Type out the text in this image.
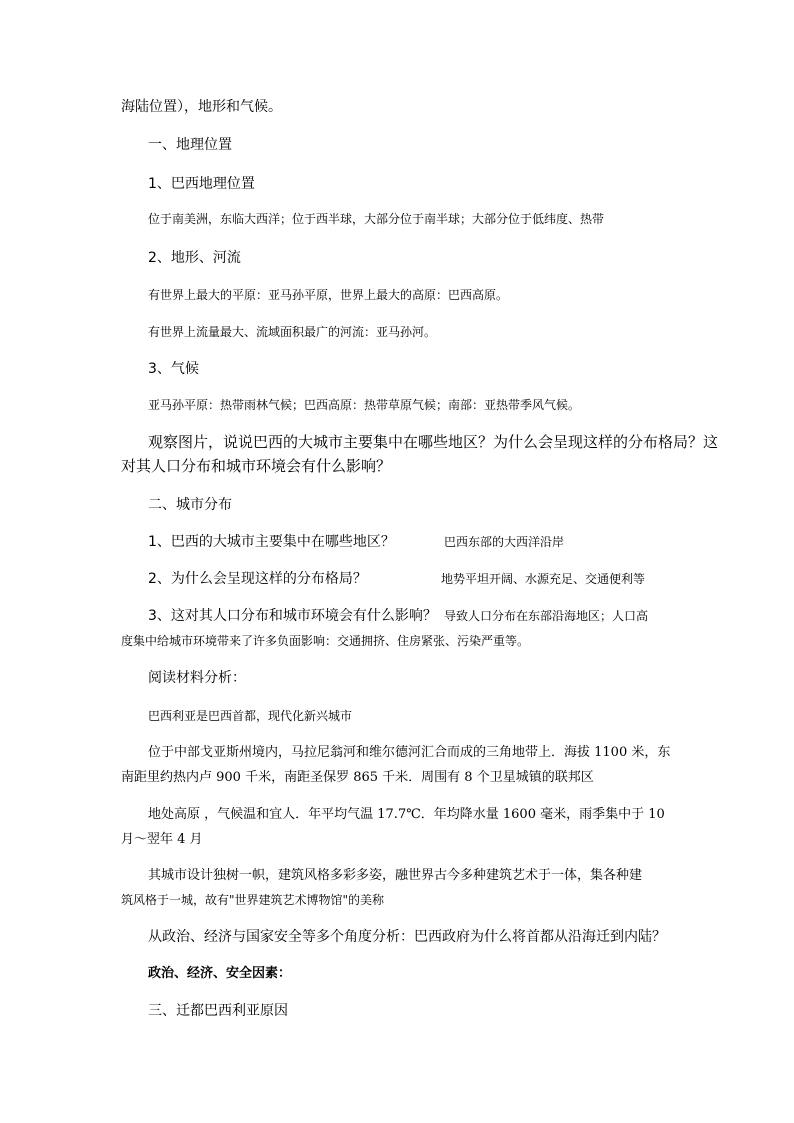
海陆位置），地形和气候。
一、地理位置
1、巴西地理位置
位于南美洲，东临大西洋；位于西半球，大部分位于南半球；大部分位于低纬度、热带
2、地形、河流
有世界上最大的平原：亚马孙平原，世界上最大的高原：巴西高原。
有世界上流量最大、流域面积最广的河流：亚马孙河。
3、气候
亚马孙平原：热带雨林气候；巴西高原：热带草原气候；南部：亚热带季风气候。
观察图片，说说巴西的大城市主要集中在哪些地区？为什么会呈现这样的分布格局？这
对其人口分布和城市环境会有什么影响？
二、城市分布
1、巴西的大城市主要集中在哪些地区？	巴西东部的大西洋沿岸
2、为什么会呈现这样的分布格局？	地势平坦开阔、水源充足、交通便利等
3、这对其人口分布和城市环境会有什么影响？ 导致人口分布在东部沿海地区；人口高
度集中给城市环境带来了许多负面影响：交通拥挤、住房紧张、污染严重等。
阅读材料分析：
巴西利亚是巴西首都，现代化新兴城市
位于中部戈亚斯州境内，马拉尼翁河和维尔德河汇合而成的三角地带上．海拔 1100 米，东
南距里约热内卢 900 千米，南距圣保罗 865 千米．周围有 8 个卫星城镇的联邦区
地处高原 ，气候温和宜人．年平均气温 17.7℃．年均降水量 1600 毫米，雨季集中于 10
月～翌年 4 月
其城市设计独树一帜，建筑风格多彩多姿，融世界古今多种建筑艺术于一体，集各种建
筑风格于一城，故有"世界建筑艺术博物馆"的美称
从政治、经济与国家安全等多个角度分析：巴西政府为什么将首都从沿海迁到内陆？
政治、经济、安全因素：
三、迁都巴西利亚原因
